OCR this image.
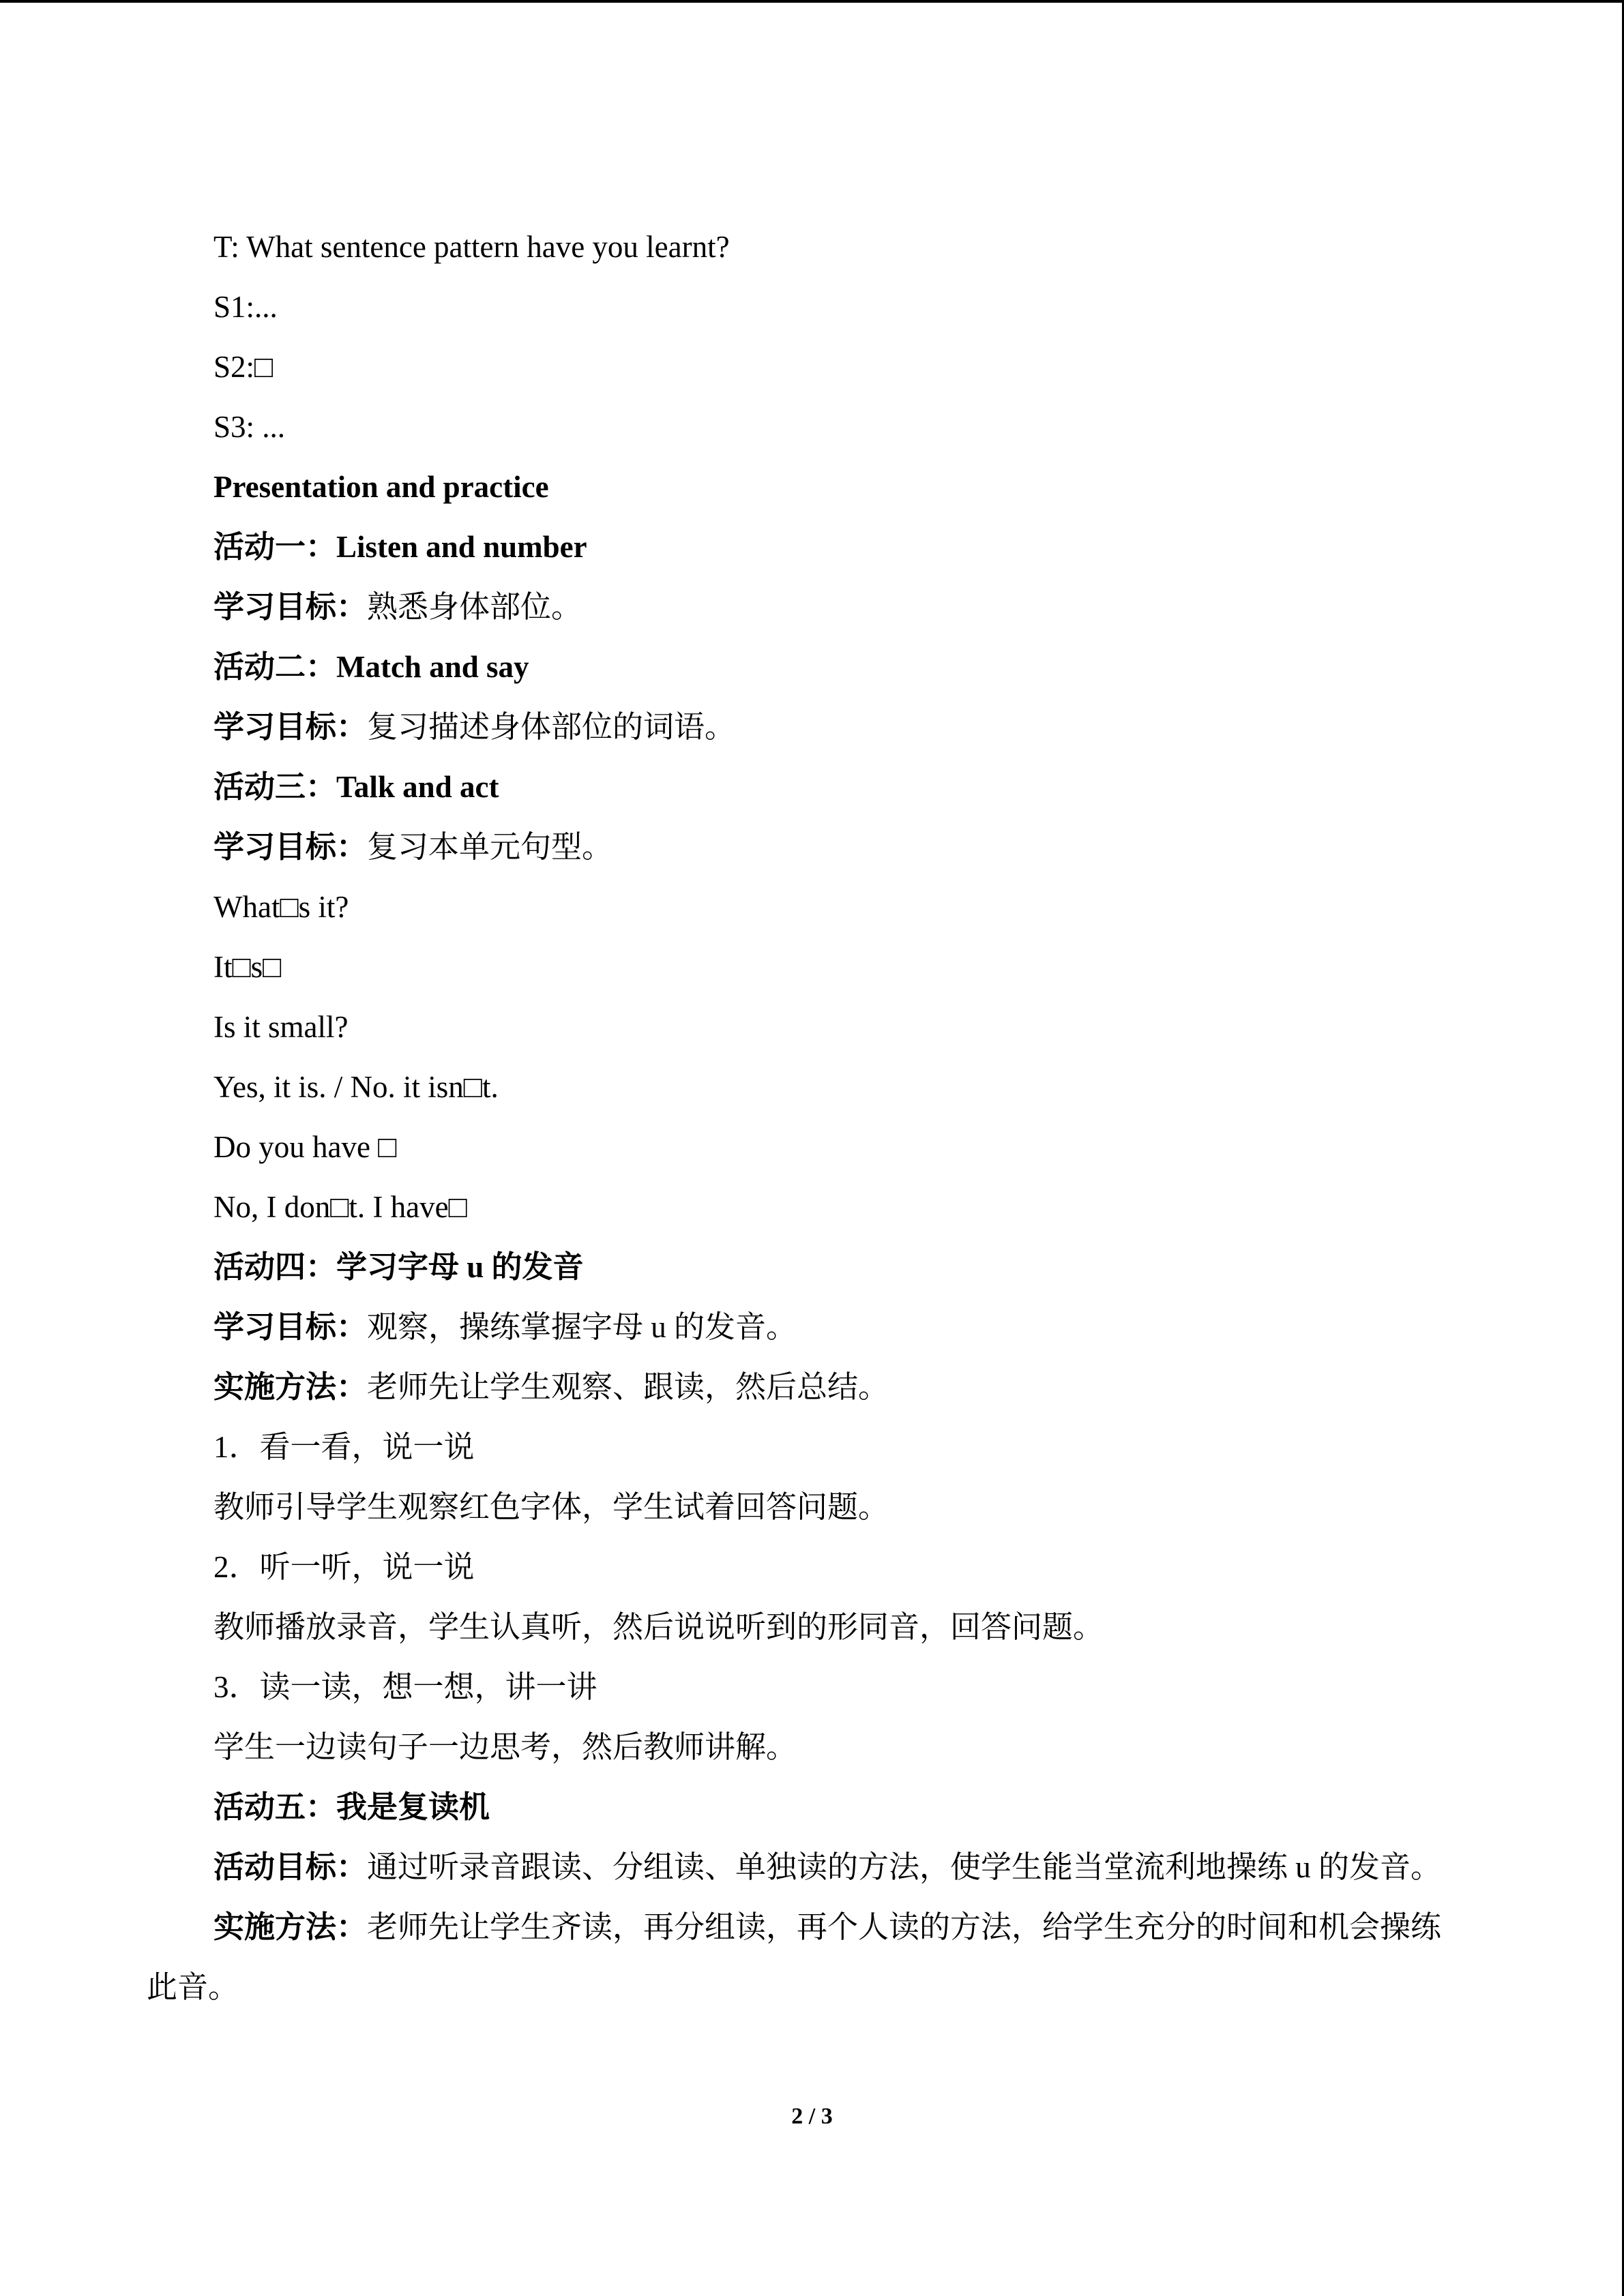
T: What sentence pattern have you learnt?
S1:...
S2:□
S3: ...
Presentation and practice
活动一：Listen and number
学习目标：熟悉身体部位。
活动二：Match and say
学习目标：复习描述身体部位的词语。
活动三：Talk and act
学习目标：复习本单元句型。
What□s it?
It□s□
Is it small?
Yes, it is. / No. it isn□t.
Do you have □
No, I don□t. I have□
活动四：学习字母 u 的发音
学习目标：观察，操练掌握字母 u 的发音。
实施方法：老师先让学生观察、跟读，然后总结。
1．看一看，说一说
教师引导学生观察红色字体，学生试着回答问题。
2．听一听，说一说
教师播放录音，学生认真听，然后说说听到的形同音，回答问题。
3．读一读，想一想，讲一讲
学生一边读句子一边思考，然后教师讲解。
活动五：我是复读机
活动目标：通过听录音跟读、分组读、单独读的方法，使学生能当堂流利地操练 u 的发音。
实施方法：老师先让学生齐读，再分组读，再个人读的方法，给学生充分的时间和机会操练此音。
2 / 3
